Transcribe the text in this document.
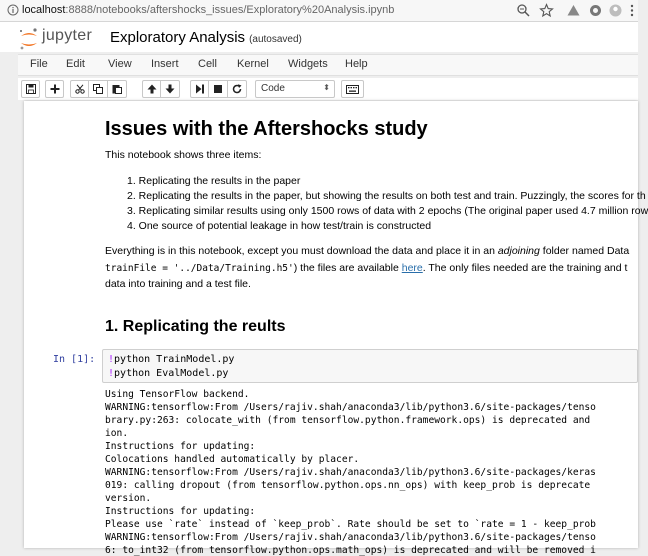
localhost:8888/notebooks/aftershocks_issues/Exploratory%20Analysis.ipynb
jupyter Exploratory Analysis (autosaved)
File Edit View Insert Cell Kernel Widgets Help
Code	⬍
Issues with the Aftershocks study
This notebook shows three items:
1. Replicating the results in the paper
2. Replicating the results in the paper, but showing the results on both test and train. Puzzingly, the scores for th
3. Replicating similar results using only 1500 rows of data with 2 epochs (The original paper used 4.7 million row
4. One source of potential leakage in how test/train is constructed
Everything is in this notebook, except you must download the data and place it in an adjoining folder named Data
trainFile = '../Data/Training.h5') the files are available here. The only files needed are the training and t
data into training and a test file.
1. Replicating the reults
In [1]: !python TrainModel.py
!python EvalModel.py
Using TensorFlow backend.
WARNING:tensorflow:From /Users/rajiv.shah/anaconda3/lib/python3.6/site-packages/tenso
brary.py:263: colocate_with (from tensorflow.python.framework.ops) is deprecated and
ion.
Instructions for updating:
Colocations handled automatically by placer.
WARNING:tensorflow:From /Users/rajiv.shah/anaconda3/lib/python3.6/site-packages/keras
019: calling dropout (from tensorflow.python.ops.nn_ops) with keep_prob is deprecate
version.
Instructions for updating:
Please use `rate` instead of `keep_prob`. Rate should be set to `rate = 1 - keep_prob
WARNING:tensorflow:From /Users/rajiv.shah/anaconda3/lib/python3.6/site-packages/tenso
6: to_int32 (from tensorflow.python.ops.math_ops) is deprecated and will be removed i
